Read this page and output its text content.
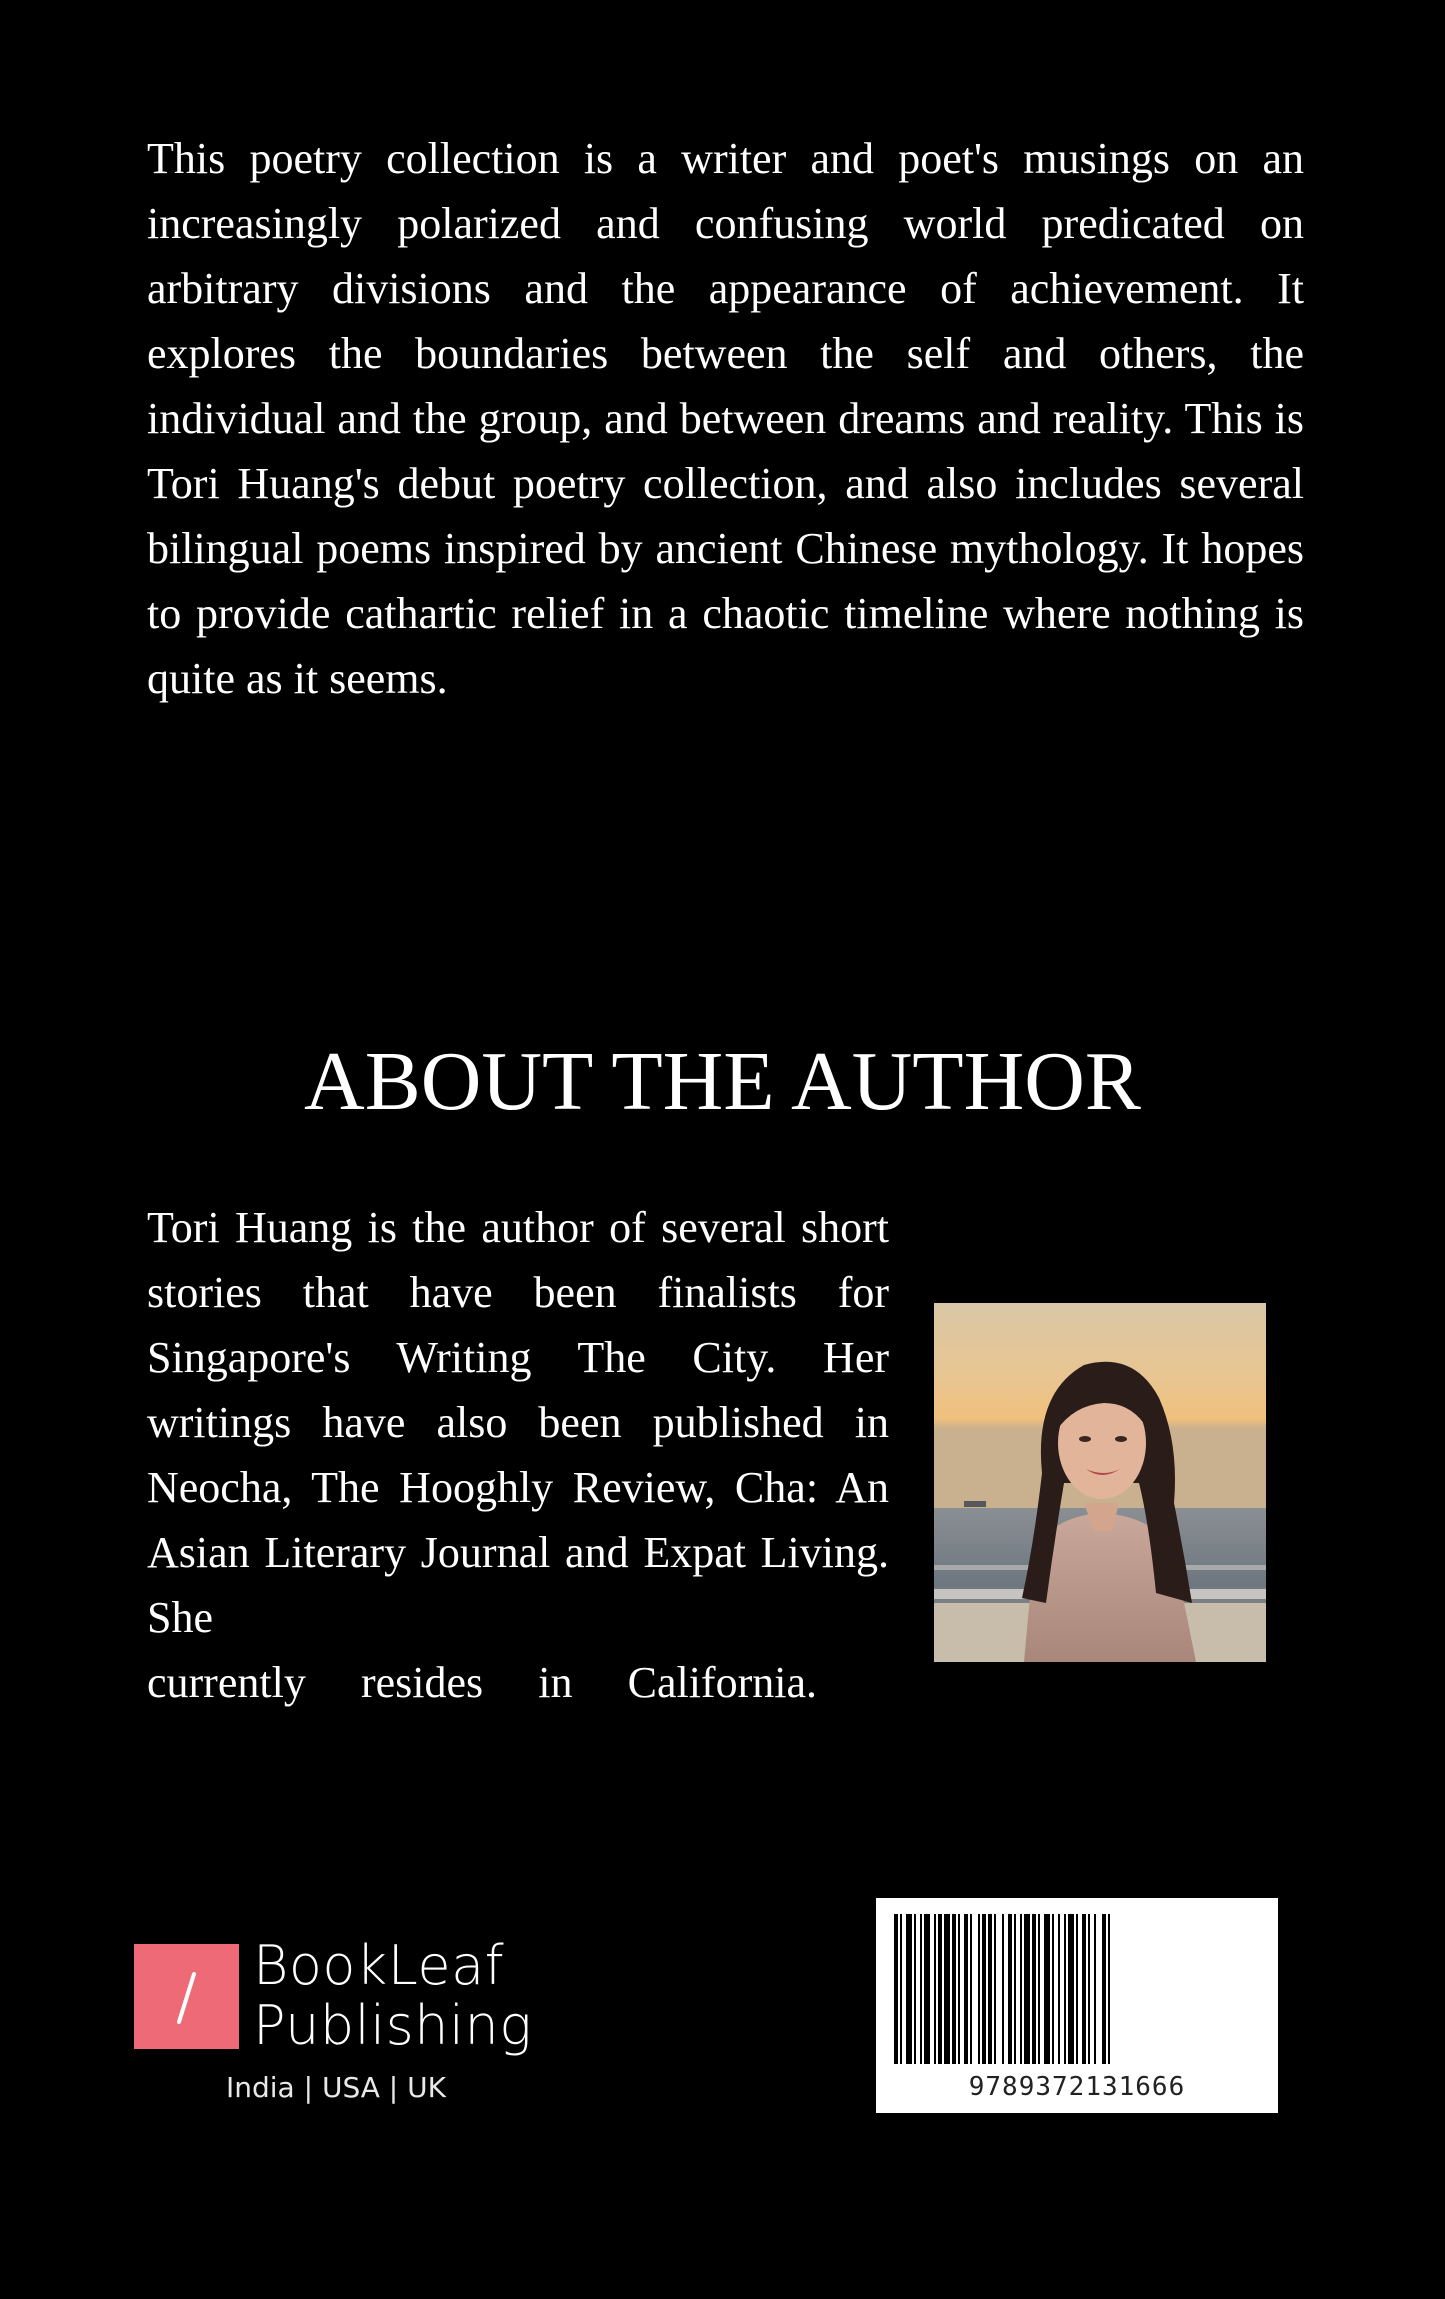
This poetry collection is a writer and poet's musings on an increasingly polarized and confusing world predicated on arbitrary divisions and the appearance of achievement. It explores the boundaries between the self and others, the individual and the group, and between dreams and reality. This is Tori Huang's debut poetry collection, and also includes several bilingual poems inspired by ancient Chinese mythology. It hopes to provide cathartic relief in a chaotic timeline where nothing is quite as it seems.

ABOUT THE AUTHOR

Tori Huang is the author of several short stories that have been finalists for Singapore's Writing The City. Her writings have also been published in Neocha, The Hooghly Review, Cha: An Asian Literary Journal and Expat Living. She

currently resides in California.

BookLeaf
Publishing
India | USA | UK	9789372131666
